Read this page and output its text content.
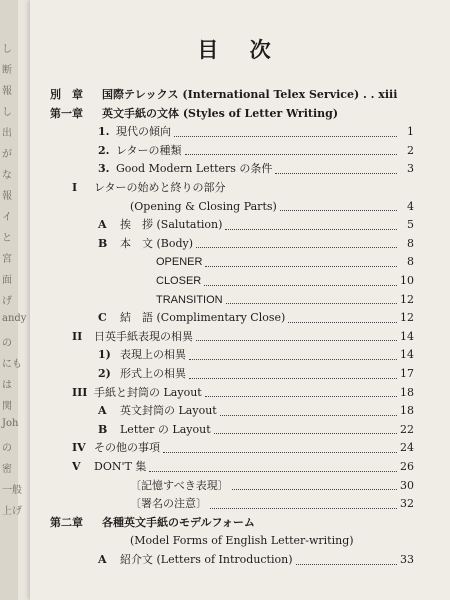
し
断
報
し
出
が
な
報
イ
と
宮
面
げ
andy
の
にも
は
関
Joh
の
密
一般
上げ
目 次
別　章	国際テレックス (International Telex Service) . . xiii
第一章	英文手紙の文体 (Styles of Letter Writing)
1. 現代の傾向	1
2. レターの種類	2
3. Good Modern Letters の条件	3
I	レターの始めと終りの部分
(Opening & Closing Parts)	4
A	挨　拶 (Salutation)	5
B	本　文 (Body)	8
OPENER	8
CLOSER	10
TRANSITION	12
C	結　語 (Complimentary Close)	12
II	日英手紙表現の相異	14
1) 表現上の相異	14
2) 形式上の相異	17
III 手紙と封筒の Layout	18
A	英文封筒の Layout	18
B	Letter の Layout	22
IV その他の事項	24
V	DON'T 集	26
〔記憶すべき表現〕	30
〔署名の注意〕	32
第二章	各種英文手紙のモデルフォーム
(Model Forms of English Letter-writing)
A	紹介文 (Letters of Introduction)	33
